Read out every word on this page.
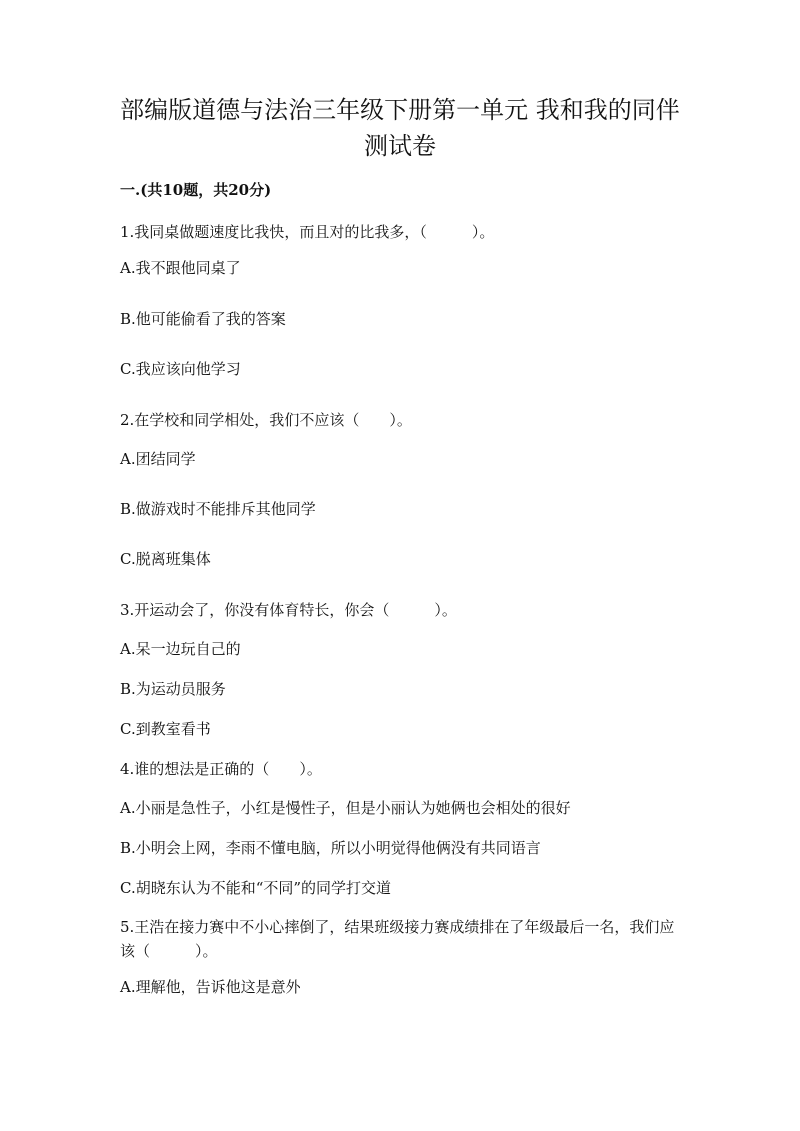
部编版道德与法治三年级下册第一单元 我和我的同伴 测试卷

一.(共10题，共20分)

1.我同桌做题速度比我快，而且对的比我多，（　　　）。

A.我不跟他同桌了

B.他可能偷看了我的答案

C.我应该向他学习

2.在学校和同学相处，我们不应该（　　）。

A.团结同学

B.做游戏时不能排斥其他同学

C.脱离班集体

3.开运动会了，你没有体育特长，你会（　　　）。

A.呆一边玩自己的

B.为运动员服务

C.到教室看书

4.谁的想法是正确的（　　）。

A.小丽是急性子，小红是慢性子，但是小丽认为她俩也会相处的很好

B.小明会上网，李雨不懂电脑，所以小明觉得他俩没有共同语言

C.胡晓东认为不能和“不同”的同学打交道

5.王浩在接力赛中不小心摔倒了，结果班级接力赛成绩排在了年级最后一名，我们应该（　　　）。

A.理解他，告诉他这是意外
